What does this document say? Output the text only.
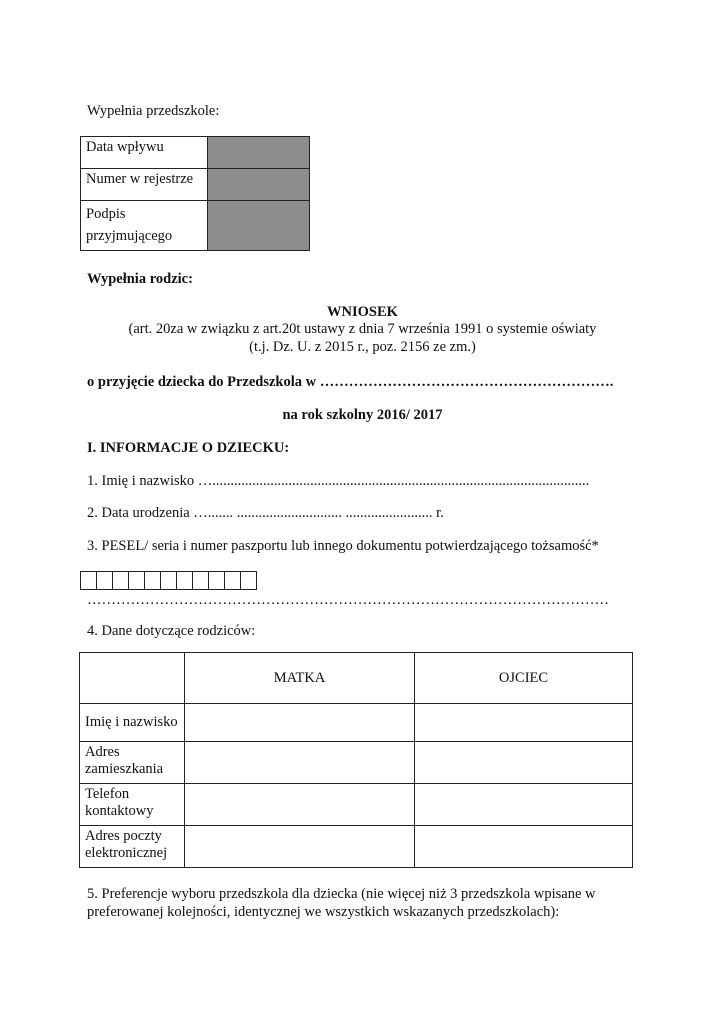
Wypełnia przedszkole:
Data wpływu	
Numer w rejestrze	
Podpis przyjmującego	
Wypełnia rodzic:
WNIOSEK
(art. 20za w związku z art.20t ustawy z dnia 7 września 1991 o systemie oświaty
(t.j. Dz. U. z 2015 r., poz. 2156 ze zm.)
o przyjęcie dziecka do Przedszkola w …………………………………………………….
na rok szkolny 2016/ 2017
I. INFORMACJE O DZIECKU:
1. Imię i nazwisko …........................................................................................................
2. Data urodzenia …....... ............................. ........................ r.
3. PESEL/ seria i numer paszportu lub innego dokumentu potwierdzającego tożsamość*
………………………………………………………………………………………………
4. Dane dotyczące rodziców:
	MATKA	OJCIEC
Imię i nazwisko		
Adres zamieszkania		
Telefon kontaktowy		
Adres poczty elektronicznej		
5. Preferencje wyboru przedszkola dla dziecka (nie więcej niż 3 przedszkola wpisane w
preferowanej kolejności, identycznej we wszystkich wskazanych przedszkolach):
